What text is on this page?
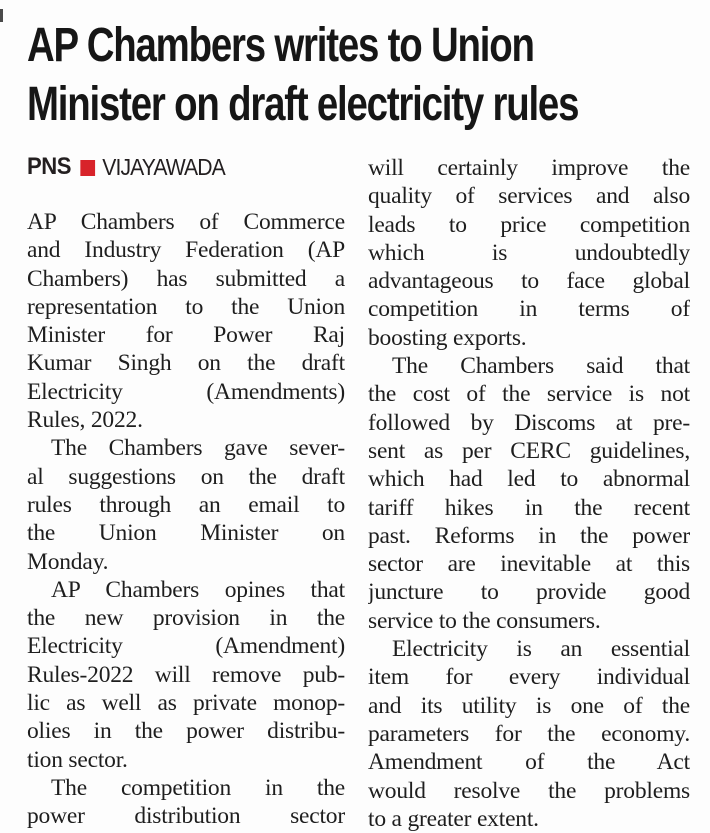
AP Chambers writes to Union
Minister on draft electricity rules
PNS VIJAYAWADA
AP Chambers of Commerce
and Industry Federation (AP
Chambers) has submitted a
representation to the Union
Minister for Power Raj
Kumar Singh on the draft
Electricity (Amendments)
Rules, 2022.
The Chambers gave sever-
al suggestions on the draft
rules through an email to
the Union Minister on
Monday.
AP Chambers opines that
the new provision in the
Electricity (Amendment)
Rules-2022 will remove pub-
lic as well as private monop-
olies in the power distribu-
tion sector.
The competition in the
power distribution sector
will certainly improve the
quality of services and also
leads to price competition
which is undoubtedly
advantageous to face global
competition in terms of
boosting exports.
The Chambers said that
the cost of the service is not
followed by Discoms at pre-
sent as per CERC guidelines,
which had led to abnormal
tariff hikes in the recent
past. Reforms in the power
sector are inevitable at this
juncture to provide good
service to the consumers.
Electricity is an essential
item for every individual
and its utility is one of the
parameters for the economy.
Amendment of the Act
would resolve the problems
to a greater extent.
